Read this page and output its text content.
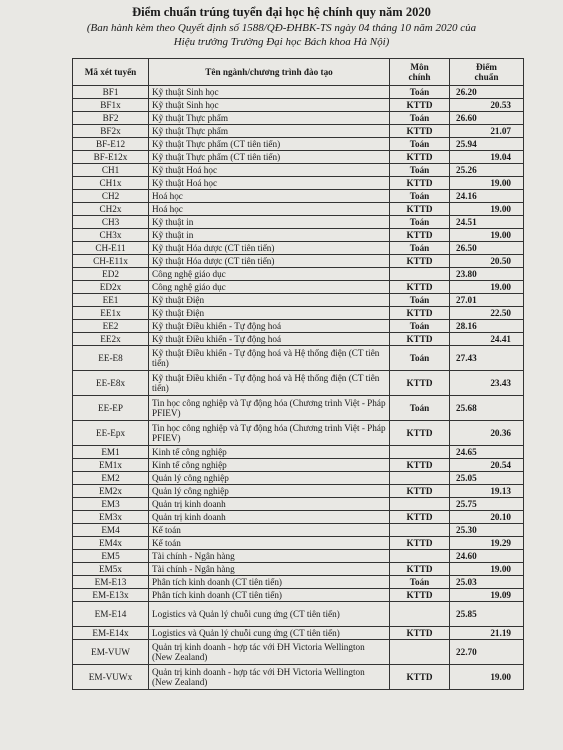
Điểm chuẩn trúng tuyển đại học hệ chính quy năm 2020
(Ban hành kèm theo Quyết định số 1588/QĐ-ĐHBK-TS ngày 04 tháng 10 năm 2020 của
Hiệu trưởng Trường Đại học Bách khoa Hà Nội)
Mã xét tuyển	Tên ngành/chương trình đào tạo	Môn
chính	Điểm
chuẩn
BF1	Kỹ thuật Sinh học	Toán	26.20
BF1x	Kỹ thuật Sinh học	KTTD	20.53
BF2	Kỹ thuật Thực phẩm	Toán	26.60
BF2x	Kỹ thuật Thực phẩm	KTTD	21.07
BF-E12	Kỹ thuật Thực phẩm (CT tiên tiến)	Toán	25.94
BF-E12x	Kỹ thuật Thực phẩm (CT tiên tiến)	KTTD	19.04
CH1	Kỹ thuật Hoá học	Toán	25.26
CH1x	Kỹ thuật Hoá học	KTTD	19.00
CH2	Hoá học	Toán	24.16
CH2x	Hoá học	KTTD	19.00
CH3	Kỹ thuật in	Toán	24.51
CH3x	Kỹ thuật in	KTTD	19.00
CH-E11	Kỹ thuật Hóa dược (CT tiên tiến)	Toán	26.50
CH-E11x	Kỹ thuật Hóa dược (CT tiên tiến)	KTTD	20.50
ED2	Công nghệ giáo dục		23.80
ED2x	Công nghệ giáo dục	KTTD	19.00
EE1	Kỹ thuật Điện	Toán	27.01
EE1x	Kỹ thuật Điện	KTTD	22.50
EE2	Kỹ thuật Điều khiển - Tự động hoá	Toán	28.16
EE2x	Kỹ thuật Điều khiển - Tự động hoá	KTTD	24.41
EE-E8	Kỹ thuật Điều khiển - Tự động hoá và Hệ thống điện (CT tiên tiến)	Toán	27.43
EE-E8x	Kỹ thuật Điều khiển - Tự động hoá và Hệ thống điện (CT tiên tiến)	KTTD	23.43
EE-EP	Tin học công nghiệp và Tự động hóa (Chương trình Việt - Pháp PFIEV)	Toán	25.68
EE-Epx	Tin học công nghiệp và Tự động hóa (Chương trình Việt - Pháp PFIEV)	KTTD	20.36
EM1	Kinh tế công nghiệp		24.65
EM1x	Kinh tế công nghiệp	KTTD	20.54
EM2	Quản lý công nghiệp		25.05
EM2x	Quản lý công nghiệp	KTTD	19.13
EM3	Quản trị kinh doanh		25.75
EM3x	Quản trị kinh doanh	KTTD	20.10
EM4	Kế toán		25.30
EM4x	Kế toán	KTTD	19.29
EM5	Tài chính - Ngân hàng		24.60
EM5x	Tài chính - Ngân hàng	KTTD	19.00
EM-E13	Phân tích kinh doanh (CT tiên tiến)	Toán	25.03
EM-E13x	Phân tích kinh doanh (CT tiên tiến)	KTTD	19.09
EM-E14	Logistics và Quản lý chuỗi cung ứng (CT tiên tiến)		25.85
EM-E14x	Logistics và Quản lý chuỗi cung ứng (CT tiên tiến)	KTTD	21.19
EM-VUW	Quản trị kinh doanh - hợp tác với ĐH Victoria Wellington (New Zealand)		22.70
EM-VUWx	Quản trị kinh doanh - hợp tác với ĐH Victoria Wellington (New Zealand)	KTTD	19.00
